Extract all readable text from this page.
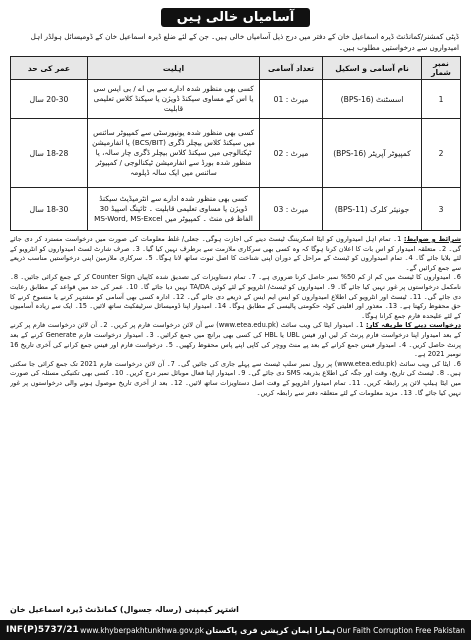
آسامیاں خالی ہیں

ڈپٹی کمشنر/کمانڈنٹ ڈیرہ اسماعیل خان کے دفتر میں درج ذیل آسامیاں خالی ہیں۔ جن کے لئے ضلع ڈیرہ اسماعیل خان کے ڈومیسائل ہولڈر اہل امیدواروں سے درخواستیں مطلوب ہیں۔

نمبر شمار	نام آسامی و اسکیل	تعداد آسامی	اہلیت	عمر کی حد
1	اسسٹنٹ (BPS-16)	میرٹ : 01	کسی بھی منظور شدہ ادارے سے بی اے / بی ایس سی یا اس کے مساوی سیکنڈ ڈویژن یا سیکنڈ کلاس تعلیمی قابلیت	20-30 سال
2	کمپیوٹر آپریٹر (BPS-16)	میرٹ : 02	کسی بھی منظور شدہ یونیورسٹی سے کمپیوٹر سائنس میں سیکنڈ کلاس بیچلر ڈگری (BCS/BIT) یا انفارمیشن ٹیکنالوجی میں سیکنڈ کلاس بیچلر ڈگری چار سالہ، یا منظور شدہ بورڈ سے انفارمیشن ٹیکنالوجی / کمپیوٹر سائنس میں ایک سالہ ڈپلومہ	18-28 سال
3	جونیئر کلرک (BPS-11)	میرٹ : 03	کسی بھی منظور شدہ ادارے سے انٹرمیڈیٹ سیکنڈ ڈویژن یا مساوی تعلیمی قابلیت ۔ ٹائپنگ اسپیڈ 30 الفاظ فی منٹ ۔ کمپیوٹر میں MS-Word, MS-Excel	18-30 سال

شرائط و ضوابط: 1۔ تمام اہل امیدواروں کو ایٹا اسکریننگ ٹیسٹ دینے کی اجازت ہوگی۔ جعلی/ غلط معلومات کی صورت میں درخواست مسترد کر دی جائے گی۔ 2۔ متعلقہ امیدوار کو اس بات کا اعلان کرنا ہوگا کہ وہ کسی بھی سرکاری ملازمت سے برطرف نہیں کیا گیا۔ 3۔ صرف شارٹ لسٹ امیدواروں کو انٹرویو کے لئے بلایا جائے گا۔ 4۔ تمام امیدواروں کو ٹیسٹ کے مراحل کے دوران اپنی شناخت کا اصل ثبوت ساتھ لانا ہوگا۔ 5۔ سرکاری ملازمین اپنی درخواستیں مناسب ذریعے سے جمع کرائیں گے۔

6۔ امیدواروں کا ٹیسٹ میں کم از کم 50% نمبر حاصل کرنا ضروری ہے۔ 7۔ تمام دستاویزات کی تصدیق شدہ کاپیاں Counter Sign کر کے جمع کرائی جائیں۔ 8۔ نامکمل درخواستوں پر غور نہیں کیا جائے گا۔ 9۔ امیدواروں کو ٹیسٹ/ انٹرویو کے لئے کوئی TA/DA نہیں دیا جائے گا۔ 10۔ عمر کی حد میں قواعد کے مطابق رعایت دی جائے گی۔ 11۔ ٹیسٹ اور انٹرویو کی اطلاع امیدواروں کو ایس ایم ایس کے ذریعے دی جائے گی۔ 12۔ ادارہ کسی بھی آسامی کو مشتہر کرنے یا منسوخ کرنے کا حق محفوظ رکھتا ہے۔ 13۔ معذور اور اقلیتی کوٹہ حکومتی پالیسی کے مطابق ہوگا۔ 14۔ امیدوار اپنا ڈومیسائل سرٹیفکیٹ ساتھ لائیں۔ 15۔ ایک سے زیادہ آسامیوں کے لئے علیحدہ فارم جمع کرانا ہوگا۔

درخواست دینے کا طریقہ کار: 1۔ امیدوار ایٹا کی ویب سائٹ (www.etea.edu.pk) سے آن لائن درخواست فارم پر کریں۔ 2۔ آن لائن درخواست فارم پر کرنے کے بعد امیدوار اپنا درخواست فارم پرنٹ کر لیں اور فیس UBL یا HBL کی کسی بھی برانچ میں جمع کرائیں۔ 3۔ امیدوار درخواست فارم Generate کرنے کے بعد پرنٹ حاصل کریں۔ 4۔ امیدوار فیس جمع کرانے کے بعد پے منٹ ووچر کی کاپی اپنے پاس محفوظ رکھیں۔ 5۔ درخواست فارم اور فیس جمع کرانے کی آخری تاریخ 16 نومبر 2021 ہے۔

6۔ ایٹا کی ویب سائٹ (www.etea.edu.pk) پر رول نمبر سلپ ٹیسٹ سے پہلے جاری کی جائیں گی۔ 7۔ آن لائن درخواست فارم 2021 تک جمع کرائی جا سکتی ہیں۔ 8۔ ٹیسٹ کی تاریخ، وقت اور جگہ کی اطلاع بذریعہ SMS دی جائے گی۔ 9۔ امیدوار اپنا فعال موبائل نمبر درج کریں۔ 10۔ کسی بھی تکنیکی مسئلہ کی صورت میں ایٹا ہیلپ لائن پر رابطہ کریں۔ 11۔ تمام امیدوار انٹرویو کے وقت اصل دستاویزات ساتھ لائیں۔ 12۔ بعد از آخری تاریخ موصول ہونے والی درخواستوں پر غور نہیں کیا جائے گا۔ 13۔ مزید معلومات کے لئے متعلقہ دفتر سے رابطہ کریں۔

اشتہر کیمپنی (رسالہ جسوال) کمانڈنٹ ڈیرہ اسماعیل خان
INF(P)5737/21 www.khyberpakhtunkhwa.gov.pk ہمارا ایمان کرپشن فری پاکستان Our Faith Corruption Free Pakistan
